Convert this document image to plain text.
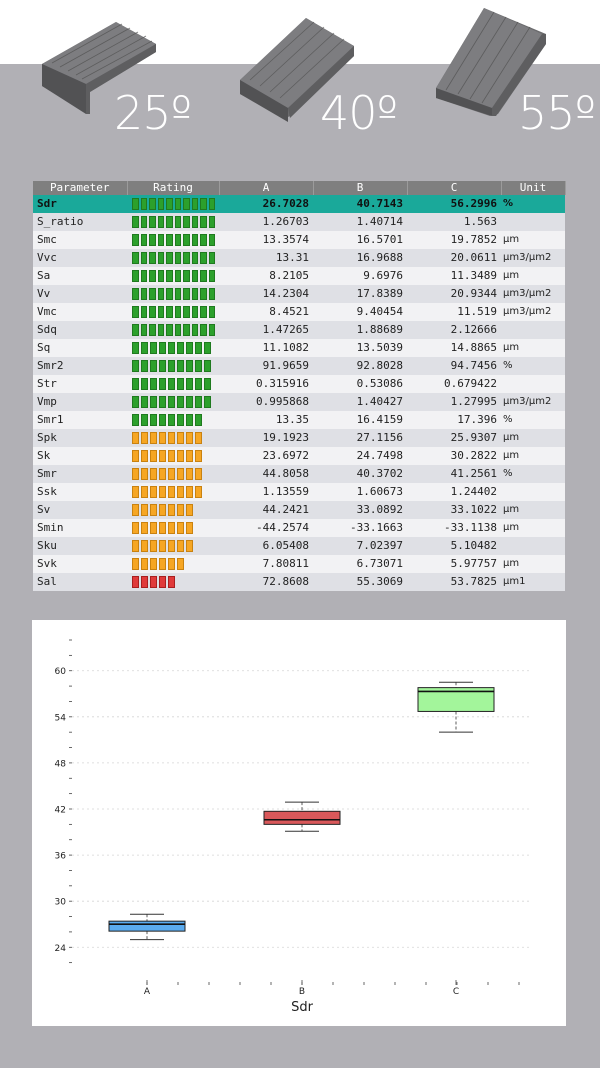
25º	40º	55º
Parameter	Rating	A	B	C	Unit
Sdr		26.7028	40.7143	56.2996	%
S_ratio		1.26703	1.40714	1.563	
Smc		13.3574	16.5701	19.7852	µm
Vvc		13.31	16.9688	20.0611	µm3/µm2
Sa		8.2105	9.6976	11.3489	µm
Vv		14.2304	17.8389	20.9344	µm3/µm2
Vmc		8.4521	9.40454	11.519	µm3/µm2
Sdq		1.47265	1.88689	2.12666	
Sq		11.1082	13.5039	14.8865	µm
Smr2		91.9659	92.8028	94.7456	%
Str		0.315916	0.53086	0.679422	
Vmp		0.995868	1.40427	1.27995	µm3/µm2
Smr1		13.35	16.4159	17.396	%
Spk		19.1923	27.1156	25.9307	µm
Sk		23.6972	24.7498	30.2822	µm
Smr		44.8058	40.3702	41.2561	%
Ssk		1.13559	1.60673	1.24402	
Sv		44.2421	33.0892	33.1022	µm
Smin		-44.2574	-33.1663	-33.1138	µm
Sku		6.05408	7.02397	5.10482	
Svk		7.80811	6.73071	5.97757	µm
Sal		72.8608	55.3069	53.7825	µm1
24
30
36
42
48
54
60
A	B	C
Sdr
